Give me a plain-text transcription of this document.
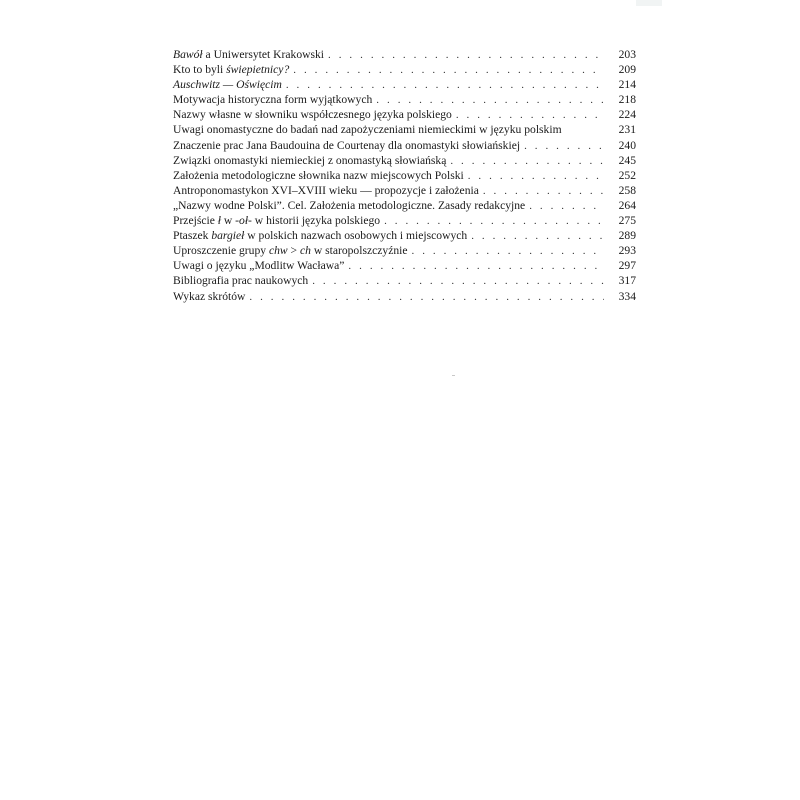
Bawół a Uniwersytet Krakowski . . .	203
Kto to byli świepietnicy? . . .	209
Auschwitz — Oświęcim . . .	214
Motywacja historyczna form wyjątkowych . . .	218
Nazwy własne w słowniku współczesnego języka polskiego . . .	224
Uwagi onomastyczne do badań nad zapożyczeniami niemieckimi w języku polskim	231
Znaczenie prac Jana Baudouina de Courtenay dla onomastyki słowiańskiej . . .	240
Związki onomastyki niemieckiej z onomastyką słowiańską . . .	245
Założenia metodologiczne słownika nazw miejscowych Polski . . .	252
Antroponomastykon XVI–XVIII wieku — propozycje i założenia . . .	258
„Nazwy wodne Polski”. Cel. Założenia metodologiczne. Zasady redakcyjne . . .	264
Przejście ł w -oł- w historii języka polskiego . . .	275
Ptaszek bargieł w polskich nazwach osobowych i miejscowych . . .	289
Uproszczenie grupy chw > ch w staropolszczyźnie . . .	293
Uwagi o języku „Modlitw Wacława” . . .	297
Bibliografia prac naukowych . . .	317
Wykaz skrótów . . .	334
